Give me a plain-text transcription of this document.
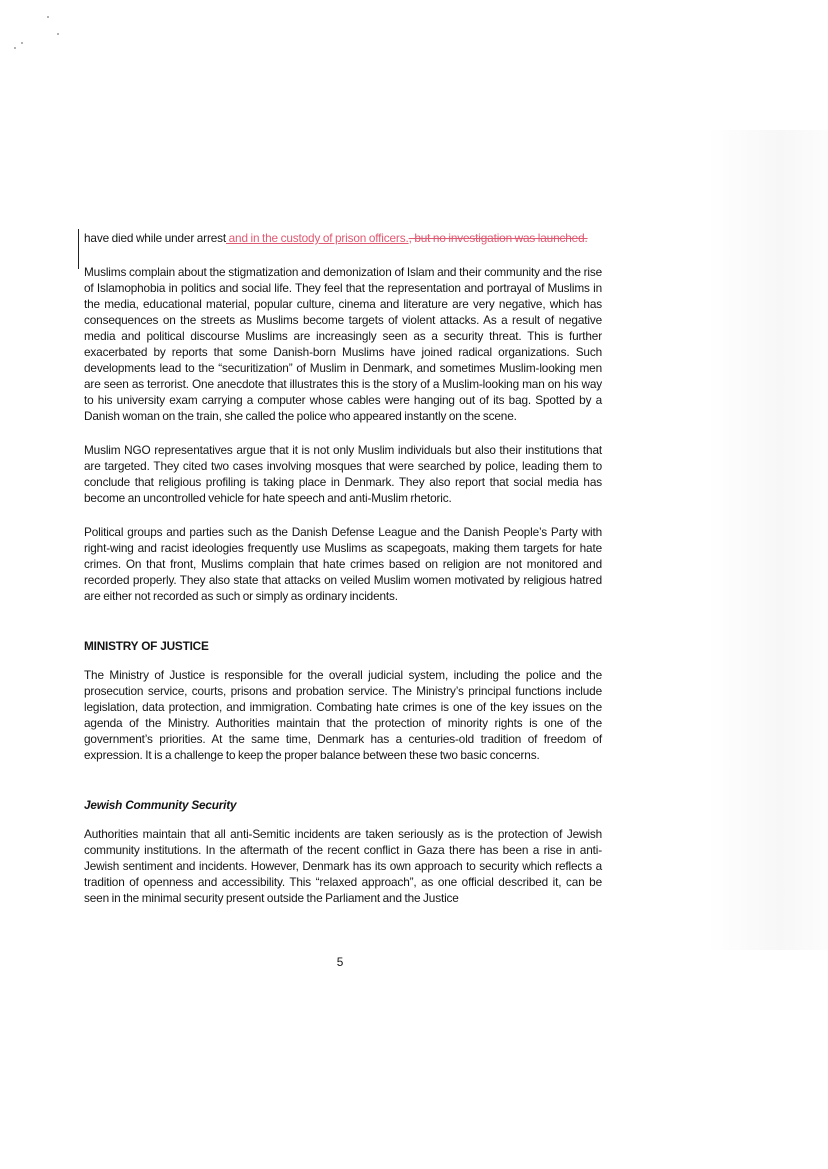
have died while under arrest and in the custody of prison officers., but no investigation was launched.

Muslims complain about the stigmatization and demonization of Islam and their community and the rise of Islamophobia in politics and social life. They feel that the representation and portrayal of Muslims in the media, educational material, popular culture, cinema and literature are very negative, which has consequences on the streets as Muslims become targets of violent attacks. As a result of negative media and political discourse Muslims are increasingly seen as a security threat. This is further exacerbated by reports that some Danish-born Muslims have joined radical organizations. Such developments lead to the “securitization” of Muslim in Denmark, and sometimes Muslim-looking men are seen as terrorist. One anecdote that illustrates this is the story of a Muslim-looking man on his way to his university exam carrying a computer whose cables were hanging out of its bag. Spotted by a Danish woman on the train, she called the police who appeared instantly on the scene.

Muslim NGO representatives argue that it is not only Muslim individuals but also their institutions that are targeted. They cited two cases involving mosques that were searched by police, leading them to conclude that religious profiling is taking place in Denmark. They also report that social media has become an uncontrolled vehicle for hate speech and anti-Muslim rhetoric.

Political groups and parties such as the Danish Defense League and the Danish People’s Party with right-wing and racist ideologies frequently use Muslims as scapegoats, making them targets for hate crimes. On that front, Muslims complain that hate crimes based on religion are not monitored and recorded properly. They also state that attacks on veiled Muslim women motivated by religious hatred are either not recorded as such or simply as ordinary incidents.

MINISTRY OF JUSTICE

The Ministry of Justice is responsible for the overall judicial system, including the police and the prosecution service, courts, prisons and probation service. The Ministry’s principal functions include legislation, data protection, and immigration. Combating hate crimes is one of the key issues on the agenda of the Ministry. Authorities maintain that the protection of minority rights is one of the government’s priorities. At the same time, Denmark has a centuries-old tradition of freedom of expression. It is a challenge to keep the proper balance between these two basic concerns.

Jewish Community Security

Authorities maintain that all anti-Semitic incidents are taken seriously as is the protection of Jewish community institutions. In the aftermath of the recent conflict in Gaza there has been a rise in anti-Jewish sentiment and incidents. However, Denmark has its own approach to security which reflects a tradition of openness and accessibility. This “relaxed approach”, as one official described it, can be seen in the minimal security present outside the Parliament and the Justice

5
